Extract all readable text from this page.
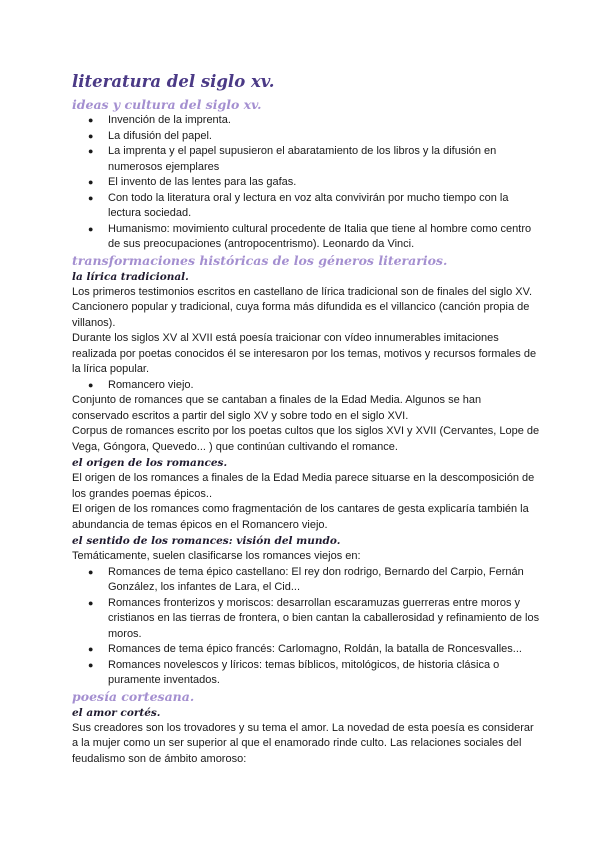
literatura del siglo xv.
ideas y cultura del siglo xv.
● Invención de la imprenta.
● La difusión del papel.
● La imprenta y el papel supusieron el abaratamiento de los libros y la difusión en numerosos ejemplares
● El invento de las lentes para las gafas.
● Con todo la literatura oral y lectura en voz alta convivirán por mucho tiempo con la lectura sociedad.
● Humanismo: movimiento cultural procedente de Italia que tiene al hombre como centro de sus preocupaciones (antropocentrismo). Leonardo da Vinci.
transformaciones históricas de los géneros literarios.
la lírica tradicional.

Los primeros testimonios escritos en castellano de lírica tradicional son de finales del siglo XV. Cancionero popular y tradicional, cuya forma más difundida es el villancico (canción propia de villanos).

Durante los siglos XV al XVII está poesía traicionar con vídeo innumerables imitaciones realizada por poetas conocidos él se interesaron por los temas, motivos y recursos formales de la lírica popular.

● Romancero viejo.

Conjunto de romances que se cantaban a finales de la Edad Media. Algunos se han conservado escritos a partir del siglo XV y sobre todo en el siglo XVI.

Corpus de romances escrito por los poetas cultos que los siglos XVI y XVII (Cervantes, Lope de Vega, Góngora, Quevedo... ) que continúan cultivando el romance.

el origen de los romances.

El origen de los romances a finales de la Edad Media parece situarse en la descomposición de los grandes poemas épicos..

El origen de los romances como fragmentación de los cantares de gesta explicaría también la abundancia de temas épicos en el Romancero viejo.

el sentido de los romances: visión del mundo.

Temáticamente, suelen clasificarse los romances viejos en:

● Romances de tema épico castellano: El rey don rodrigo, Bernardo del Carpio, Fernán González, los infantes de Lara, el Cid...
● Romances fronterizos y moriscos: desarrollan escaramuzas guerreras entre moros y cristianos en las tierras de frontera, o bien cantan la caballerosidad y refinamiento de los moros.
● Romances de tema épico francés: Carlomagno, Roldán, la batalla de Roncesvalles...
● Romances novelescos y líricos: temas bíblicos, mitológicos, de historia clásica o puramente inventados.
poesía cortesana.
el amor cortés.

Sus creadores son los trovadores y su tema el amor. La novedad de esta poesía es considerar a la mujer como un ser superior al que el enamorado rinde culto. Las relaciones sociales del feudalismo son de ámbito amoroso:
